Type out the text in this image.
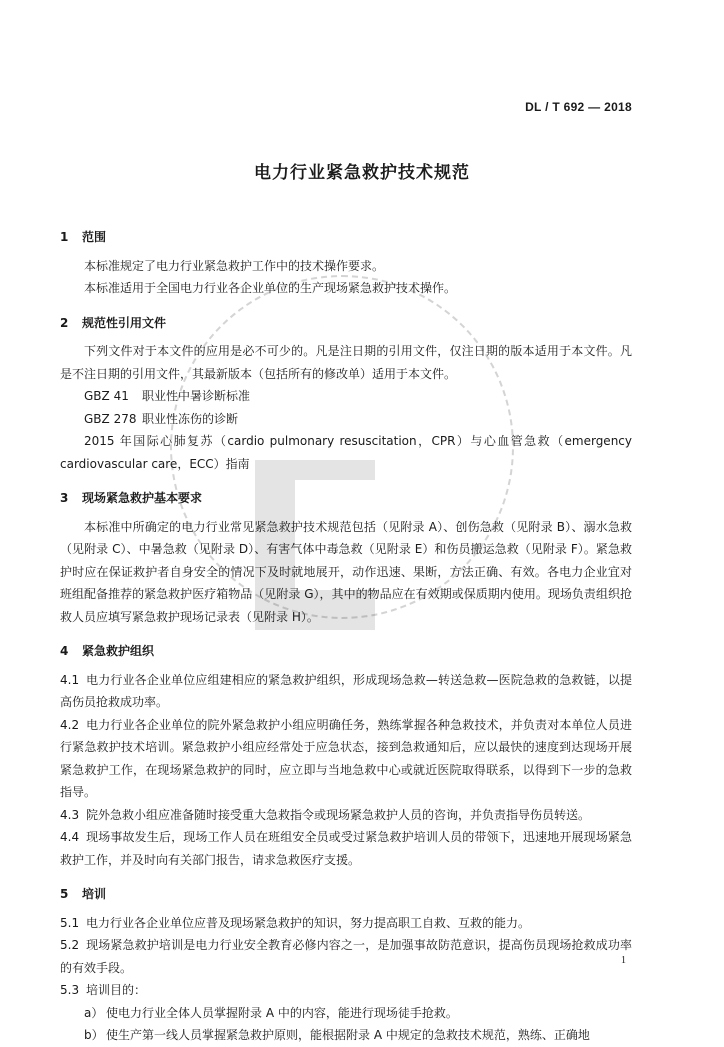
DL / T 692 — 2018
电力行业紧急救护技术规范
1 范围

本标准规定了电力行业紧急救护工作中的技术操作要求。

本标准适用于全国电力行业各企业单位的生产现场紧急救护技术操作。

2 规范性引用文件

下列文件对于本文件的应用是必不可少的。凡是注日期的引用文件，仅注日期的版本适用于本文件。凡是不注日期的引用文件，其最新版本（包括所有的修改单）适用于本文件。

GBZ 41 职业性中暑诊断标准

GBZ 278 职业性冻伤的诊断

2015 年国际心肺复苏（cardio pulmonary resuscitation，CPR）与心血管急救（emergency cardiovascular care，ECC）指南

3 现场紧急救护基本要求

本标准中所确定的电力行业常见紧急救护技术规范包括（见附录 A）、创伤急救（见附录 B）、溺水急救（见附录 C）、中暑急救（见附录 D）、有害气体中毒急救（见附录 E）和伤员搬运急救（见附录 F）。紧急救护时应在保证救护者自身安全的情况下及时就地展开，动作迅速、果断，方法正确、有效。各电力企业宜对班组配备推荐的紧急救护医疗箱物品（见附录 G），其中的物品应在有效期或保质期内使用。现场负责组织抢救人员应填写紧急救护现场记录表（见附录 H）。

4 紧急救护组织

4.1 电力行业各企业单位应组建相应的紧急救护组织，形成现场急救—转送急救—医院急救的急救链，以提高伤员抢救成功率。

4.2 电力行业各企业单位的院外紧急救护小组应明确任务，熟练掌握各种急救技术，并负责对本单位人员进行紧急救护技术培训。紧急救护小组应经常处于应急状态，接到急救通知后，应以最快的速度到达现场开展紧急救护工作，在现场紧急救护的同时，应立即与当地急救中心或就近医院取得联系，以得到下一步的急救指导。

4.3 院外急救小组应准备随时接受重大急救指令或现场紧急救护人员的咨询，并负责指导伤员转送。

4.4 现场事故发生后，现场工作人员在班组安全员或受过紧急救护培训人员的带领下，迅速地开展现场紧急救护工作，并及时向有关部门报告，请求急救医疗支援。

5 培训

5.1 电力行业各企业单位应普及现场紧急救护的知识，努力提高职工自救、互救的能力。

5.2 现场紧急救护培训是电力行业安全教育必修内容之一，是加强事故防范意识，提高伤员现场抢救成功率的有效手段。

5.3 培训目的：

a） 使电力行业全体人员掌握附录 A 中的内容，能进行现场徒手抢救。

b） 使生产第一线人员掌握紧急救护原则，能根据附录 A 中规定的急救技术规范，熟练、正确地

1
